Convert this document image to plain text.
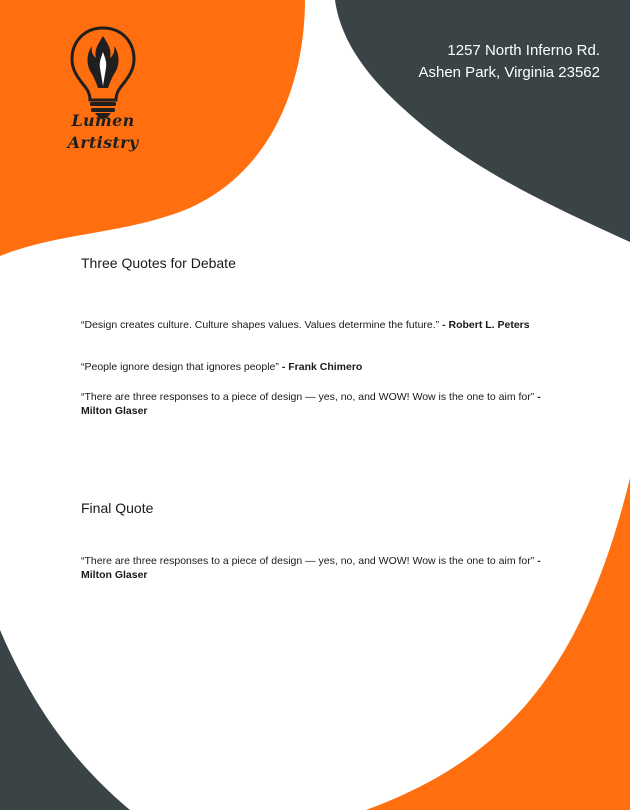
Lumen
Artistry
1257 North Inferno Rd.
Ashen Park, Virginia 23562
Three Quotes for Debate

“Design creates culture. Culture shapes values. Values determine the future.” - Robert L. Peters

“People ignore design that ignores people” - Frank Chimero

“There are three responses to a piece of design — yes, no, and WOW! Wow is the one to aim for” - Milton Glaser

Final Quote

“There are three responses to a piece of design — yes, no, and WOW! Wow is the one to aim for” - Milton Glaser
